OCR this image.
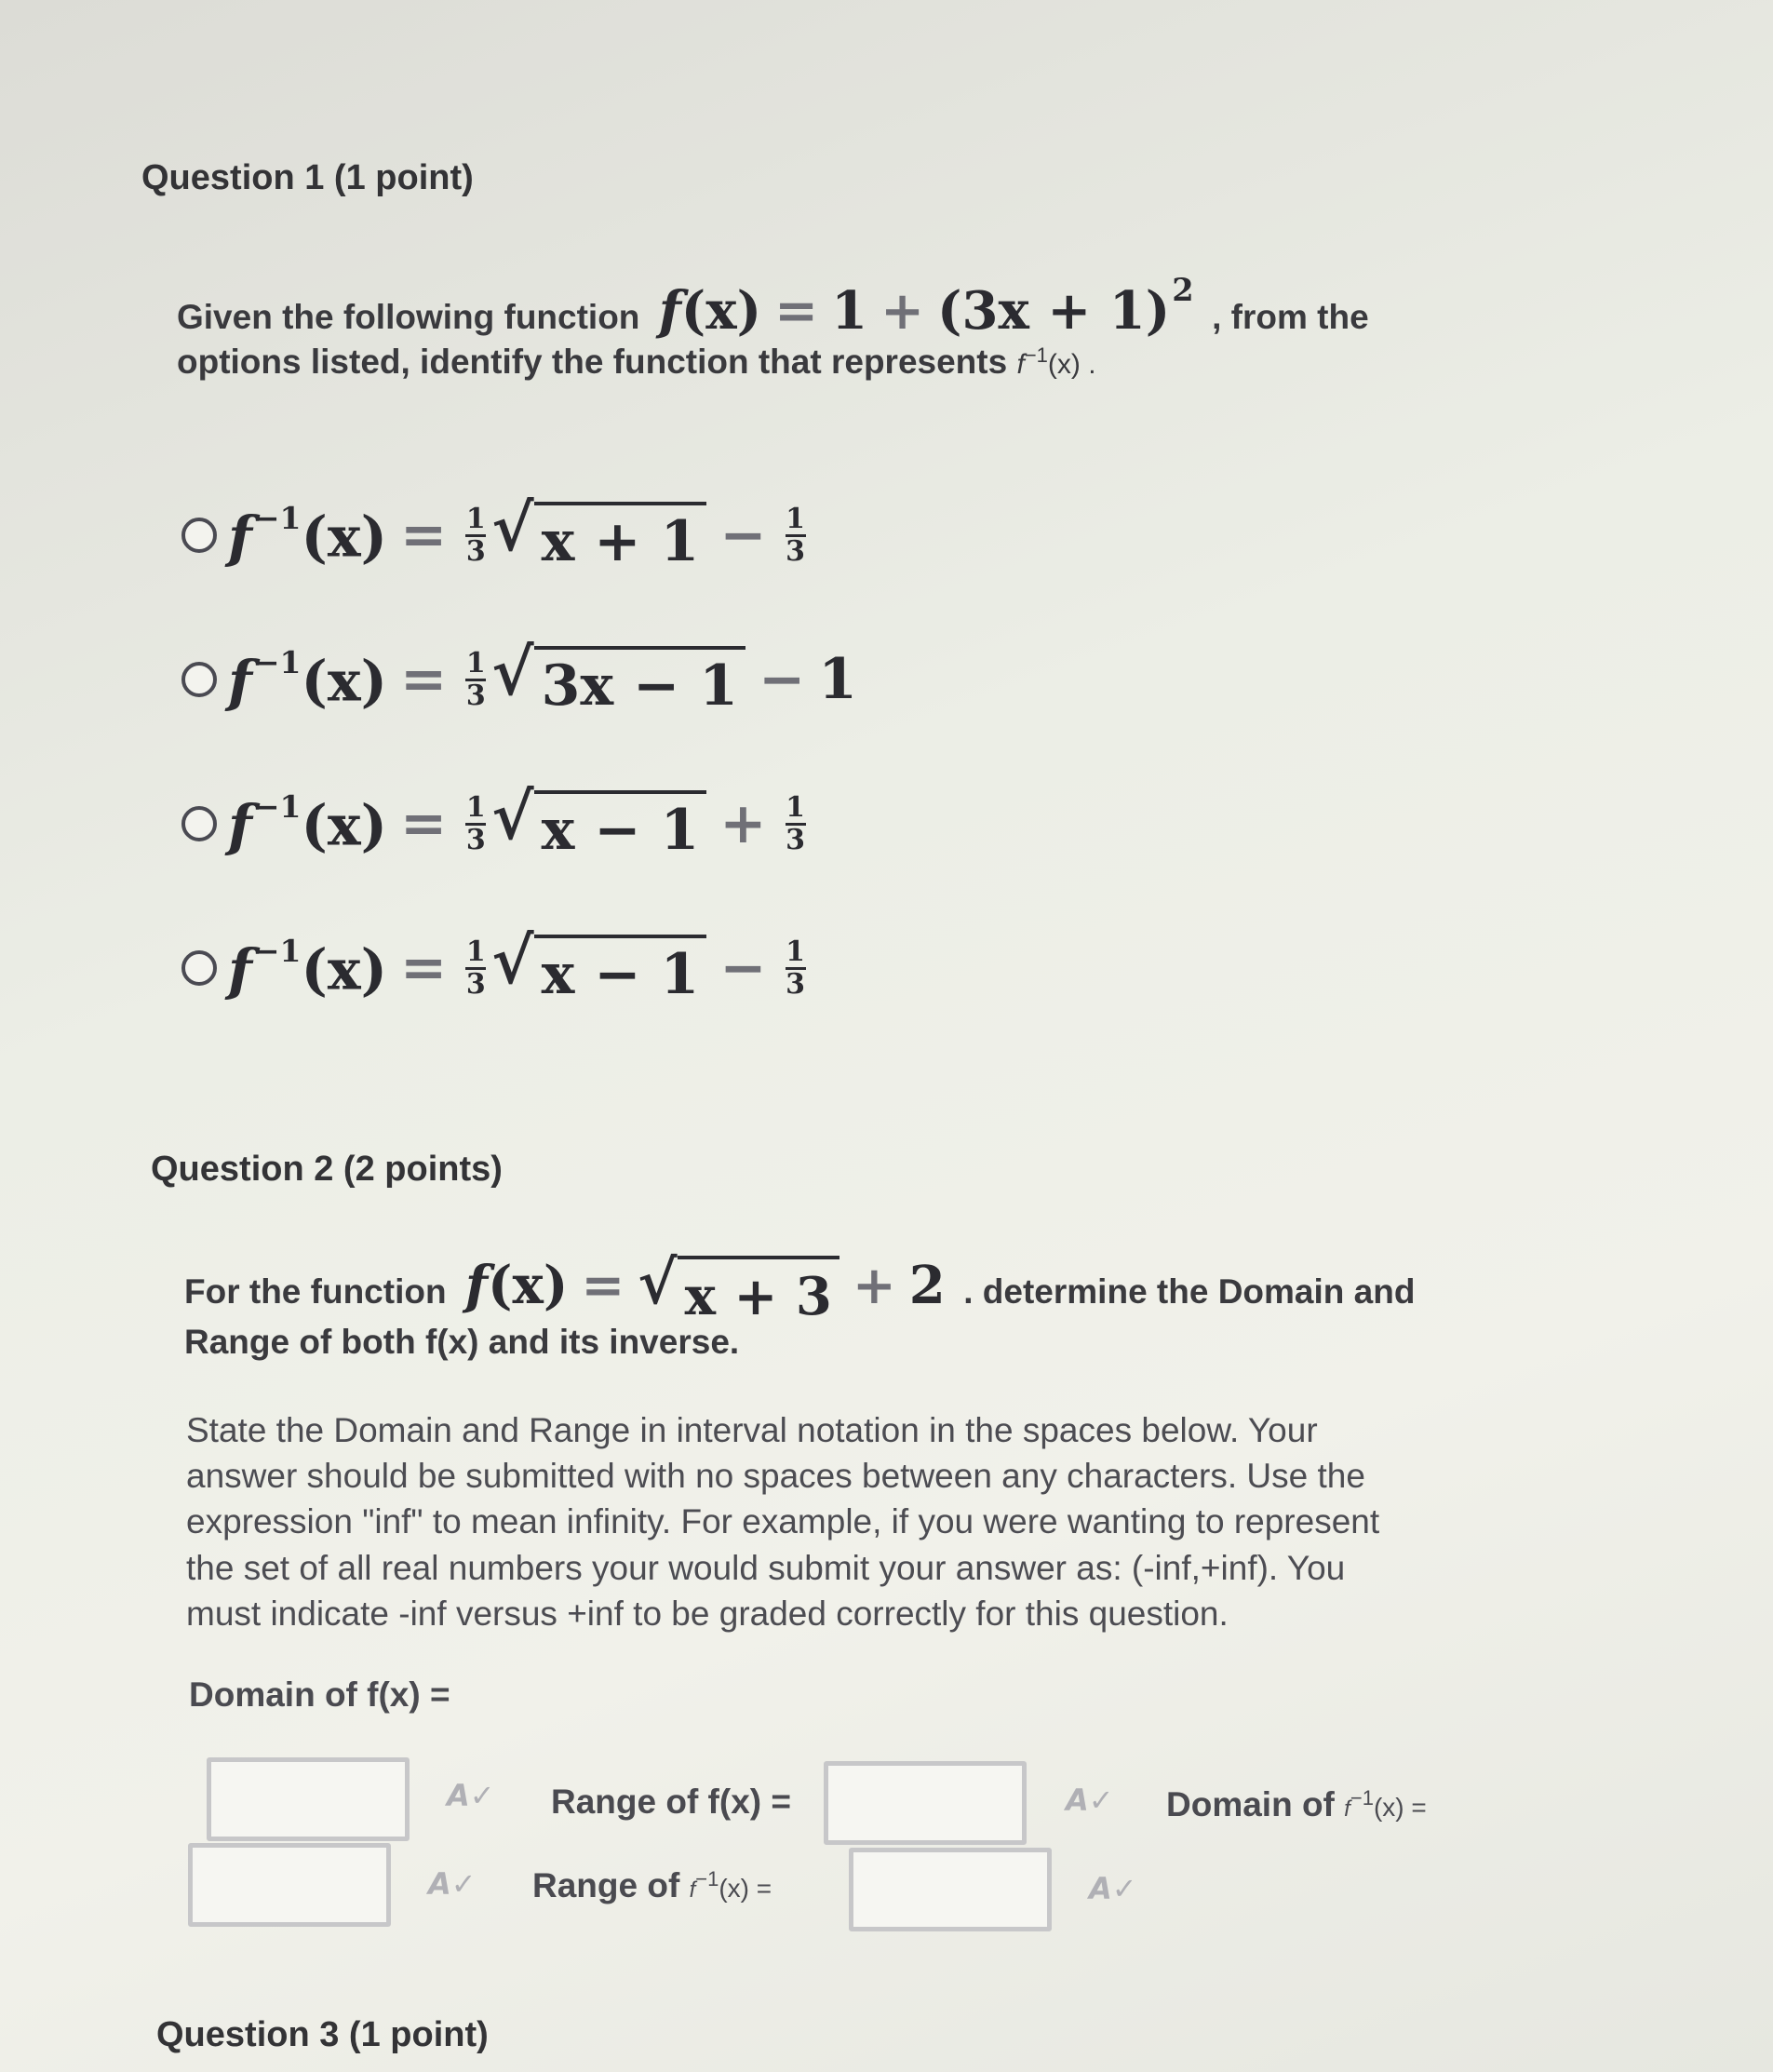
Question 1 (1 point)
Given the following function $f(x) = 1 + (3x + 1)^2$ , from the
options listed, identify the function that represents $f^{-1}(x)$ .
$f^{-1}(x) = \frac{1}{3}$ √ $x + 1 - \frac{1}{3}$
$f^{-1}(x) = \frac{1}{3}$ √ 3x − 1 − 1
$f^{-1}(x) = \frac{1}{3}$ √ $x - 1 + \frac{1}{3}$
$f^{-1}(x) = \frac{1}{3}$ √ $x - 1 - \frac{1}{3}$
Question 2 (2 points)
For the function f(x) = √ x + 3 + 2 . determine the Domain and
Range of both f(x) and its inverse.
State the Domain and Range in interval notation in the spaces below. Your
answer should be submitted with no spaces between any characters. Use the
expression "inf" to mean infinity. For example, if you were wanting to represent
the set of all real numbers your would submit your answer as: (-inf,+inf). You
must indicate -inf versus +inf to be graded correctly for this question.
Domain of f(x) =
A✓ Range of f(x) =	A✓ Domain of $f^{-1}(x)$ =
A✓ Range of $f^{-1}(x)$ =	A✓
Question 3 (1 point)
